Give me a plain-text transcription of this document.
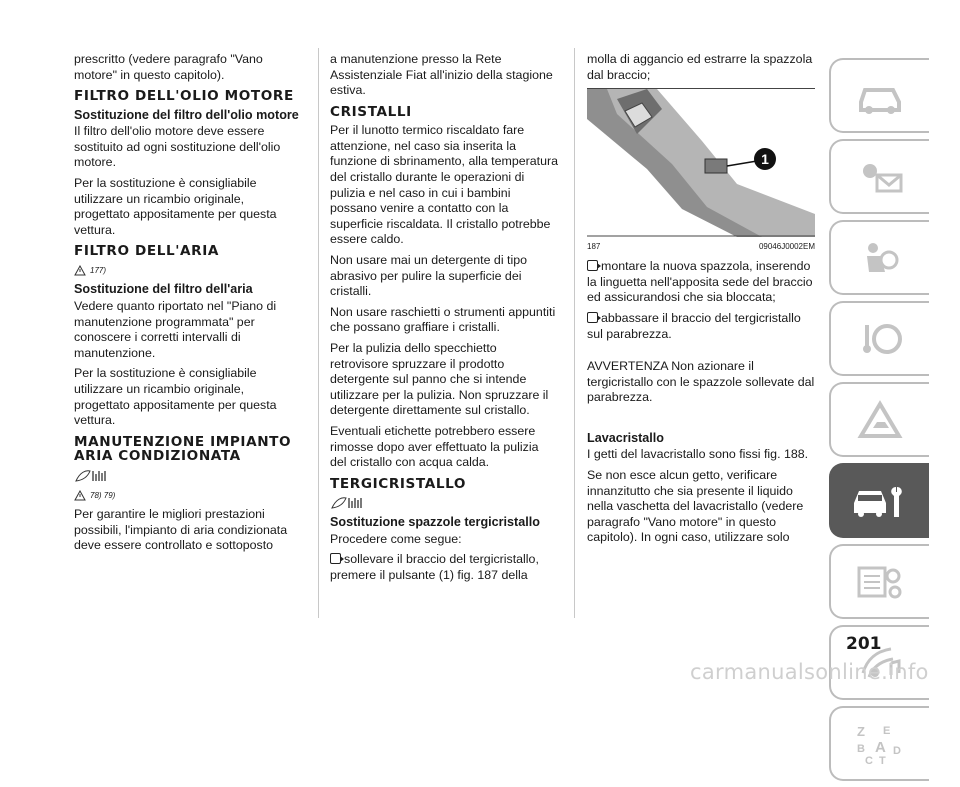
prescritto (vedere paragrafo "Vano motore" in questo capitolo).

FILTRO DELL'OLIO MOTORE
Sostituzione del filtro dell'olio motore

Il filtro dell'olio motore deve essere sostituito ad ogni sostituzione dell'olio motore.

Per la sostituzione è consigliabile utilizzare un ricambio originale, progettato appositamente per questa vettura.

FILTRO DELL'ARIA
177)
Sostituzione del filtro dell'aria

Vedere quanto riportato nel "Piano di manutenzione programmata" per conoscere i corretti intervalli di manutenzione.

Per la sostituzione è consigliabile utilizzare un ricambio originale, progettato appositamente per questa vettura.

MANUTENZIONE IMPIANTO ARIA CONDIZIONATA
78) 79)

Per garantire le migliori prestazioni possibili, l'impianto di aria condizionata deve essere controllato e sottoposto

a manutenzione presso la Rete Assistenziale Fiat all'inizio della stagione estiva.

CRISTALLI

Per il lunotto termico riscaldato fare attenzione, nel caso sia inserita la funzione di sbrinamento, alla temperatura del cristallo durante le operazioni di pulizia e nel caso in cui i bambini possano venire a contatto con la superficie riscaldata. Il cristallo potrebbe essere caldo.

Non usare mai un detergente di tipo abrasivo per pulire la superficie dei cristalli.

Non usare raschietti o strumenti appuntiti che possano graffiare i cristalli.

Per la pulizia dello specchietto retrovisore spruzzare il prodotto detergente sul panno che si intende utilizzare per la pulizia. Non spruzzare il detergente direttamente sul cristallo.

Eventuali etichette potrebbero essere rimosse dopo aver effettuato la pulizia del cristallo con acqua calda.

TERGICRISTALLO
Sostituzione spazzole tergicristallo

Procedere come segue:

sollevare il braccio del tergicristallo, premere il pulsante (1) fig. 187 della

molla di aggancio ed estrarre la spazzola dal braccio;

1
187	09046J0002EM

montare la nuova spazzola, inserendo la linguetta nell'apposita sede del braccio ed assicurandosi che sia bloccata;

abbassare il braccio del tergicristallo sul parabrezza.

AVVERTENZA Non azionare il tergicristallo con le spazzole sollevate dal parabrezza.

Lavacristallo

I getti del lavacristallo sono fissi fig. 188.

Se non esce alcun getto, verificare innanzitutto che sia presente il liquido nella vaschetta del lavacristallo (vedere paragrafo "Vano motore" in questo capitolo). In ogni caso, utilizzare solo

Z E
B A D
C T
201
carmanualsonline.info
